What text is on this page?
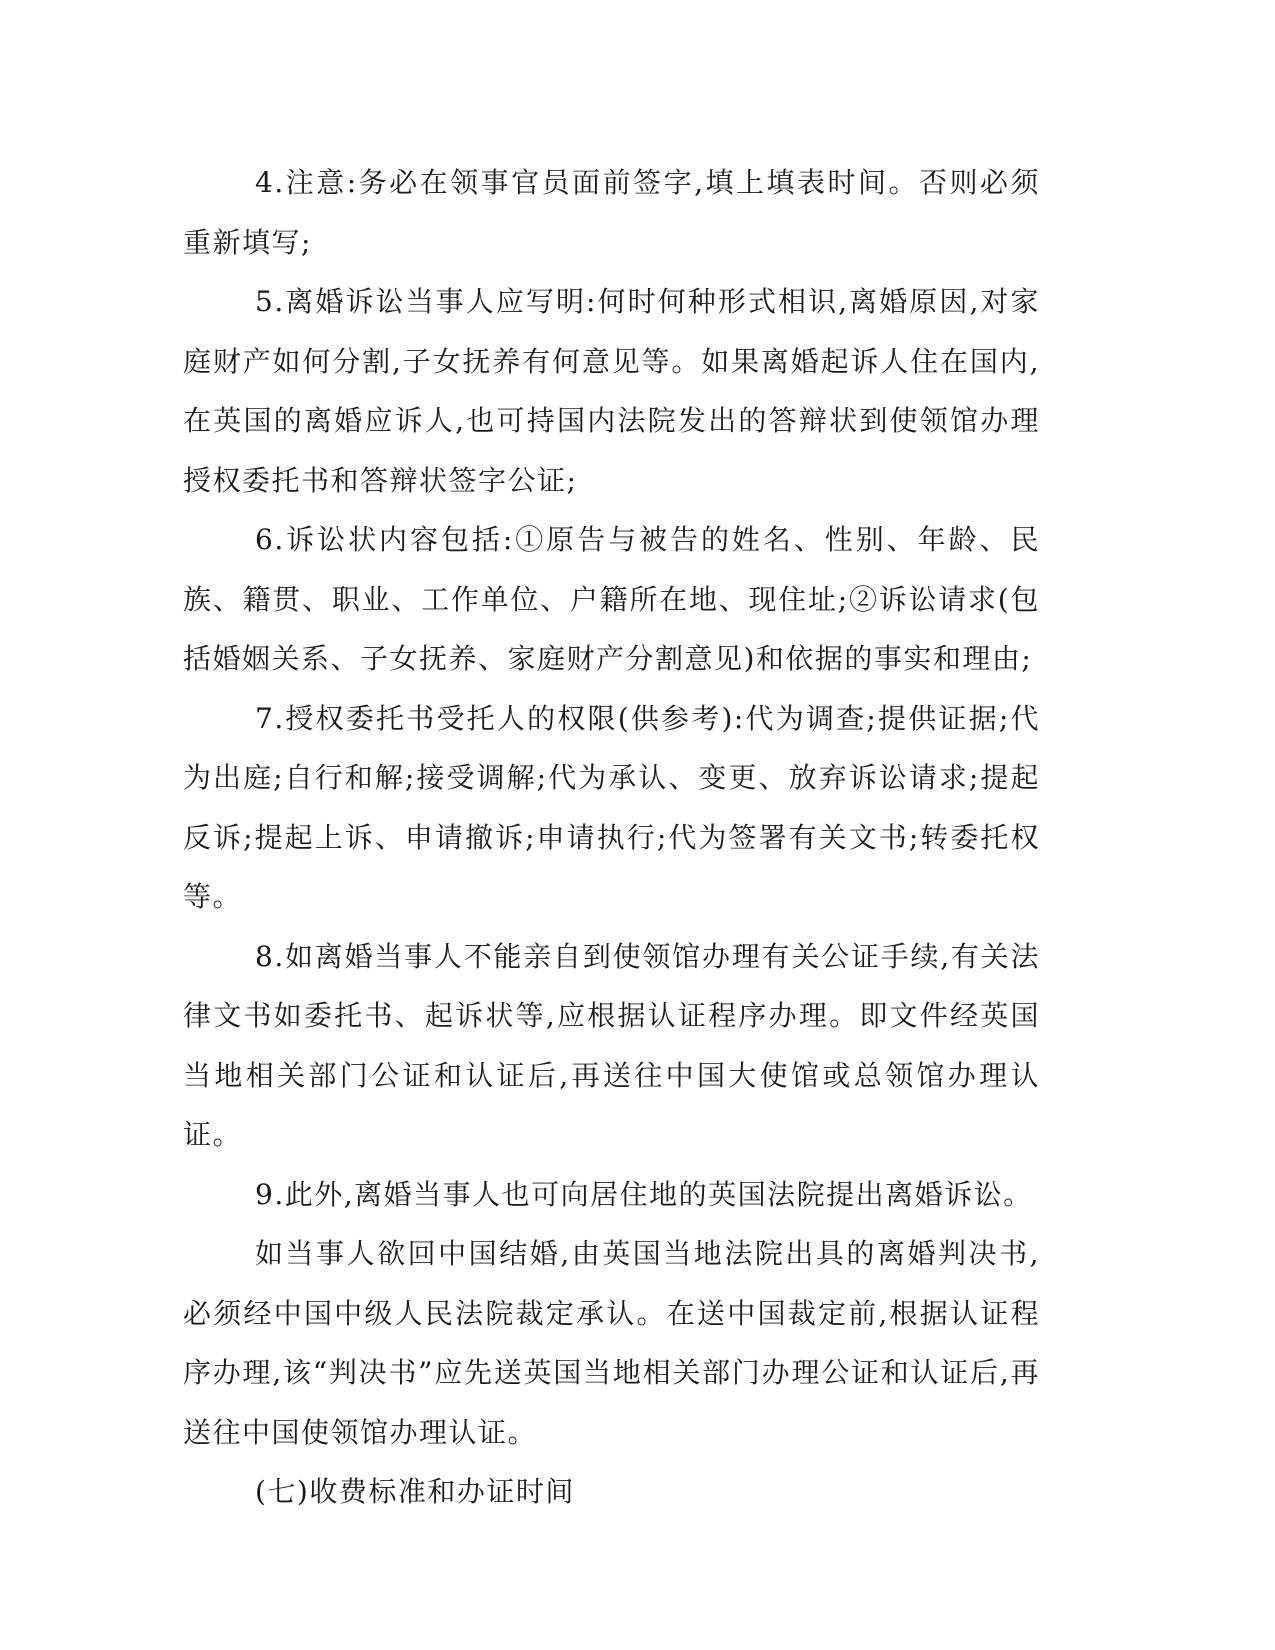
4.注意:务必在领事官员面前签字,填上填表时间。否则必须重新填写;

5.离婚诉讼当事人应写明:何时何种形式相识,离婚原因,对家庭财产如何分割,子女抚养有何意见等。如果离婚起诉人住在国内,在英国的离婚应诉人,也可持国内法院发出的答辩状到使领馆办理授权委托书和答辩状签字公证;

6.诉讼状内容包括:①原告与被告的姓名、性别、年龄、民族、籍贯、职业、工作单位、户籍所在地、现住址;②诉讼请求(包括婚姻关系、子女抚养、家庭财产分割意见)和依据的事实和理由;

7.授权委托书受托人的权限(供参考):代为调查;提供证据;代为出庭;自行和解;接受调解;代为承认、变更、放弃诉讼请求;提起反诉;提起上诉、申请撤诉;申请执行;代为签署有关文书;转委托权等。

8.如离婚当事人不能亲自到使领馆办理有关公证手续,有关法律文书如委托书、起诉状等,应根据认证程序办理。即文件经英国当地相关部门公证和认证后,再送往中国大使馆或总领馆办理认证。

9.此外,离婚当事人也可向居住地的英国法院提出离婚诉讼。

如当事人欲回中国结婚,由英国当地法院出具的离婚判决书,必须经中国中级人民法院裁定承认。在送中国裁定前,根据认证程序办理,该“判决书”应先送英国当地相关部门办理公证和认证后,再送往中国使领馆办理认证。

(七)收费标准和办证时间
